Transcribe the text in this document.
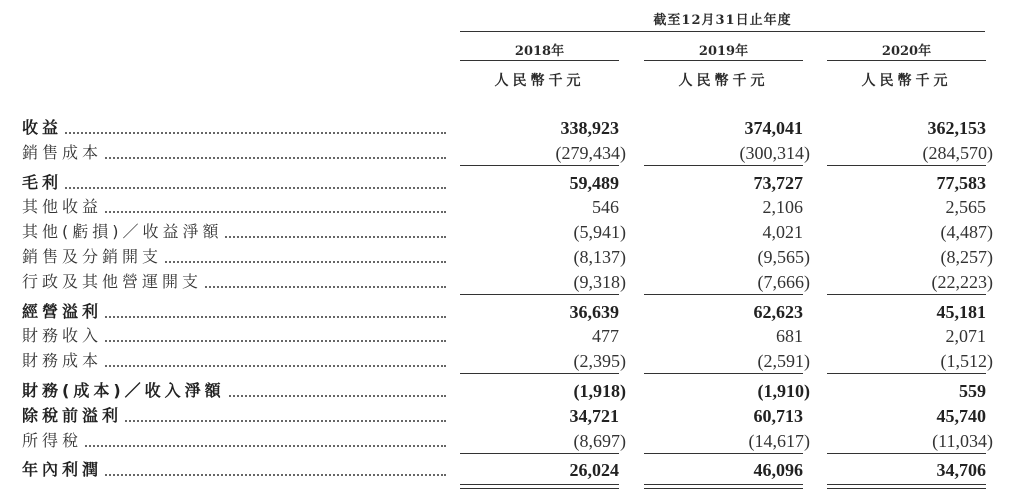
截至12月31日止年度
2018年	2019年	2020年
人民幣千元	人民幣千元	人民幣千元
收益	338,923	374,041	362,153
銷售成本	(279,434)	(300,314)	(284,570)
毛利	59,489	73,727	77,583
其他收益	546	2,106	2,565
其他(虧損)／收益淨額	(5,941)	4,021	(4,487)
銷售及分銷開支	(8,137)	(9,565)	(8,257)
行政及其他營運開支	(9,318)	(7,666)	(22,223)
經營溢利	36,639	62,623	45,181
財務收入	477	681	2,071
財務成本	(2,395)	(2,591)	(1,512)
財務(成本)／收入淨額	(1,918)	(1,910)	559
除稅前溢利	34,721	60,713	45,740
所得稅	(8,697)	(14,617)	(11,034)
年內利潤	26,024	46,096	34,706
